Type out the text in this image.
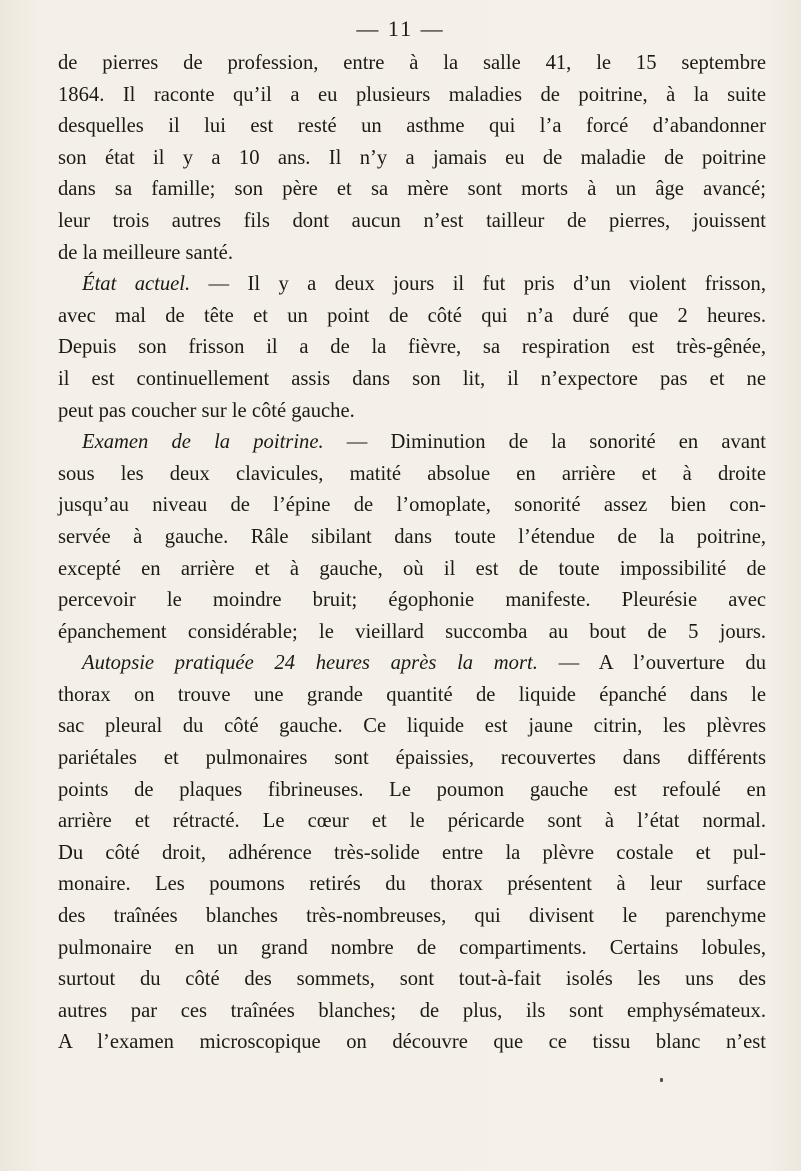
— 11 —
de pierres de profession, entre à la salle 41, le 15 septembre
1864. Il raconte qu’il a eu plusieurs maladies de poitrine, à la suite
desquelles il lui est resté un asthme qui l’a forcé d’abandonner
son état il y a 10 ans. Il n’y a jamais eu de maladie de poitrine
dans sa famille; son père et sa mère sont morts à un âge avancé;
leur trois autres fils dont aucun n’est tailleur de pierres, jouissent
de la meilleure santé.
État actuel. — Il y a deux jours il fut pris d’un violent frisson,
avec mal de tête et un point de côté qui n’a duré que 2 heures.
Depuis son frisson il a de la fièvre, sa respiration est très-gênée,
il est continuellement assis dans son lit, il n’expectore pas et ne
peut pas coucher sur le côté gauche.
Examen de la poitrine. — Diminution de la sonorité en avant
sous les deux clavicules, matité absolue en arrière et à droite
jusqu’au niveau de l’épine de l’omoplate, sonorité assez bien con-
servée à gauche. Râle sibilant dans toute l’étendue de la poitrine,
excepté en arrière et à gauche, où il est de toute impossibilité de
percevoir le moindre bruit; égophonie manifeste. Pleurésie avec
épanchement considérable; le vieillard succomba au bout de 5 jours.
Autopsie pratiquée 24 heures après la mort. — A l’ouverture du
thorax on trouve une grande quantité de liquide épanché dans le
sac pleural du côté gauche. Ce liquide est jaune citrin, les plèvres
pariétales et pulmonaires sont épaissies, recouvertes dans différents
points de plaques fibrineuses. Le poumon gauche est refoulé en
arrière et rétracté. Le cœur et le péricarde sont à l’état normal.
Du côté droit, adhérence très-solide entre la plèvre costale et pul-
monaire. Les poumons retirés du thorax présentent à leur surface
des traînées blanches très-nombreuses, qui divisent le parenchyme
pulmonaire en un grand nombre de compartiments. Certains lobules,
surtout du côté des sommets, sont tout-à-fait isolés les uns des
autres par ces traînées blanches; de plus, ils sont emphysémateux.
A l’examen microscopique on découvre que ce tissu blanc n’est
